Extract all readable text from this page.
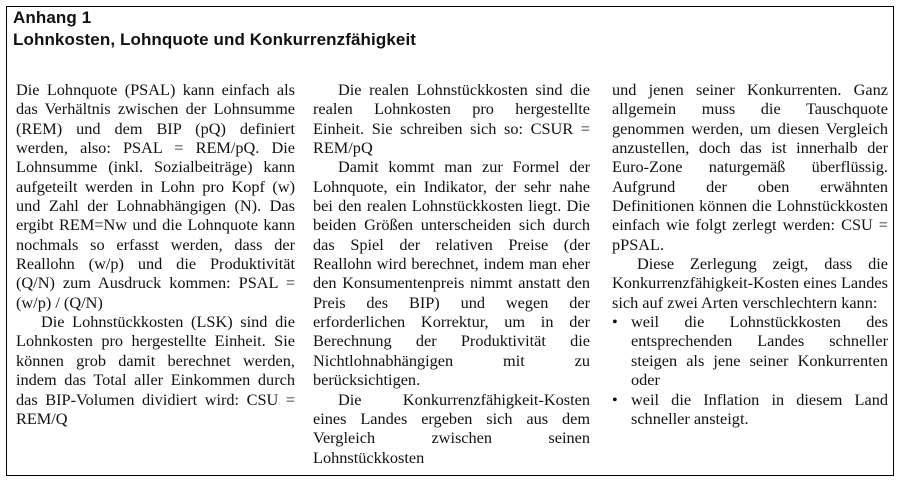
Anhang 1
Lohnkosten, Lohnquote und Konkurrenzfähigkeit

Die Lohnquote (PSAL) kann einfach als das Verhältnis zwischen der Lohnsumme (REM) und dem BIP (pQ) definiert werden, also: PSAL = REM/pQ. Die Lohnsumme (inkl. Sozialbeiträge) kann aufgeteilt werden in Lohn pro Kopf (w) und Zahl der Lohnabhängigen (N). Das ergibt REM=Nw und die Lohnquote kann nochmals so erfasst werden, dass der Reallohn (w/p) und die Produktivität (Q/N) zum Ausdruck kommen: PSAL = (w/p) / (Q/N)

Die Lohnstückkosten (LSK) sind die Lohnkosten pro hergestellte Einheit. Sie können grob damit berechnet werden, indem das Total aller Einkommen durch das BIP-Volumen dividiert wird: CSU = REM/Q

Die realen Lohnstückkosten sind die realen Lohnkosten pro hergestellte Einheit. Sie schreiben sich so: CSUR = REM/pQ

Damit kommt man zur Formel der Lohnquote, ein Indikator, der sehr nahe bei den realen Lohnstückkosten liegt. Die beiden Größen unterscheiden sich durch das Spiel der relativen Preise (der Reallohn wird berechnet, indem man eher den Konsumentenpreis nimmt anstatt den Preis des BIP) und wegen der erforderlichen Korrektur, um in der Berechnung der Produktivität die Nichtlohnabhängigen mit zu berücksichtigen.

Die Konkurrenzfähigkeit-Kosten eines Landes ergeben sich aus dem Vergleich zwischen seinen Lohnstückkosten

und jenen seiner Konkurrenten. Ganz allgemein muss die Tauschquote genommen werden, um diesen Vergleich anzustellen, doch das ist innerhalb der Euro-Zone naturgemäß überflüssig. Aufgrund der oben erwähnten Definitionen können die Lohnstückkosten einfach wie folgt zerlegt werden: CSU = pPSAL.

Diese Zerlegung zeigt, dass die Konkurrenzfähigkeit-Kosten eines Landes sich auf zwei Arten verschlechtern kann:

• weil die Lohnstückkosten des entsprechenden Landes schneller steigen als jene seiner Konkurrenten oder
• weil die Inflation in diesem Land schneller ansteigt.
